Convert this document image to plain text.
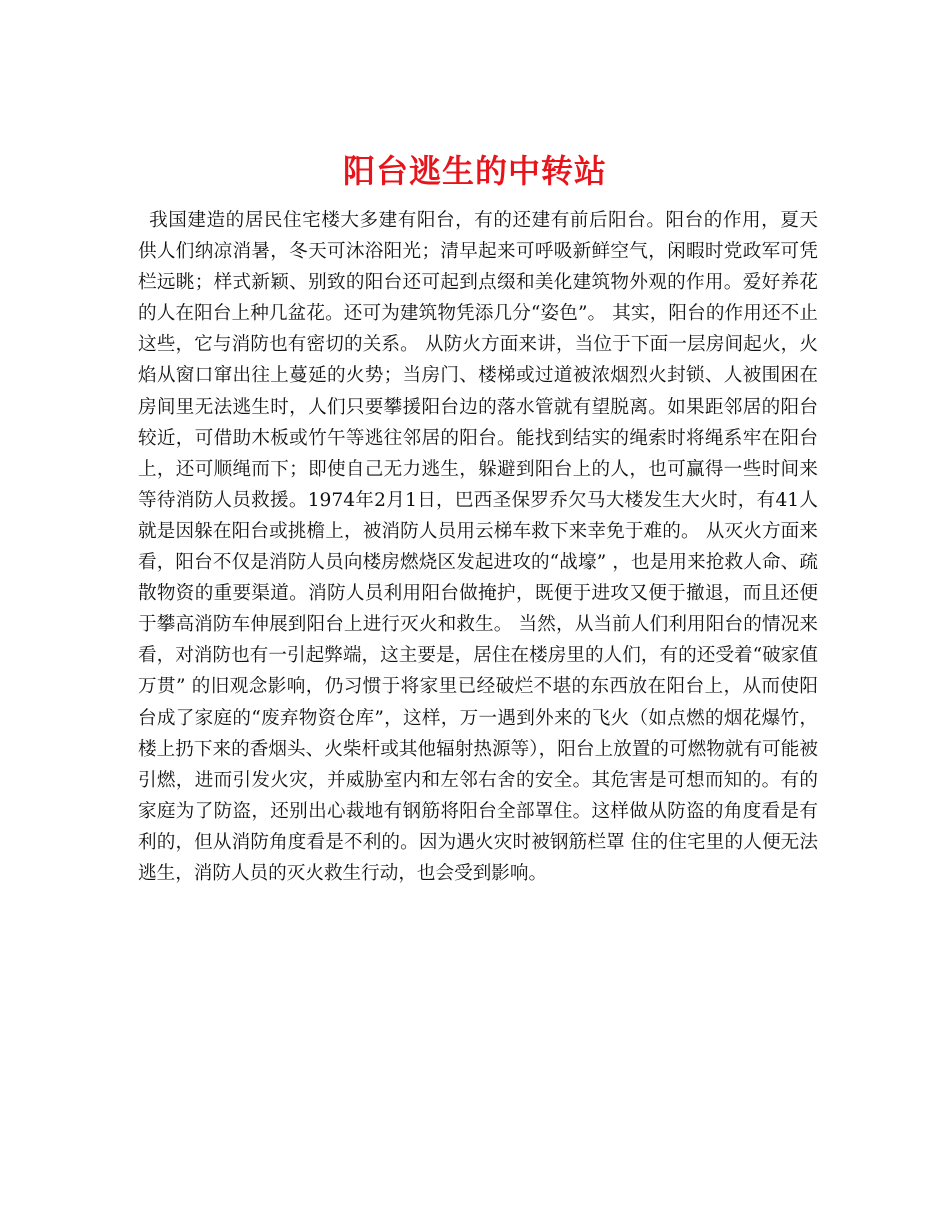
阳台逃生的中转站

我国建造的居民住宅楼大多建有阳台，有的还建有前后阳台。阳台的作用，夏天供人们纳凉消暑，冬天可沐浴阳光；清早起来可呼吸新鲜空气，闲暇时党政军可凭栏远眺；样式新颖、别致的阳台还可起到点缀和美化建筑物外观的作用。爱好养花的人在阳台上种几盆花。还可为建筑物凭添几分“姿色”。 其实，阳台的作用还不止这些，它与消防也有密切的关系。 从防火方面来讲，当位于下面一层房间起火，火焰从窗口窜出往上蔓延的火势；当房门、楼梯或过道被浓烟烈火封锁、人被围困在房间里无法逃生时，人们只要攀援阳台边的落水管就有望脱离。如果距邻居的阳台较近，可借助木板或竹午等逃往邻居的阳台。能找到结实的绳索时将绳系牢在阳台上，还可顺绳而下；即使自己无力逃生，躲避到阳台上的人，也可赢得一些时间来等待消防人员救援。1974年2月1日，巴西圣保罗乔欠马大楼发生大火时，有41人就是因躲在阳台或挑檐上，被消防人员用云梯车救下来幸免于难的。 从灭火方面来看，阳台不仅是消防人员向楼房燃烧区发起进攻的“战壕” ，也是用来抢救人命、疏散物资的重要渠道。消防人员利用阳台做掩护，既便于进攻又便于撤退，而且还便于攀高消防车伸展到阳台上进行灭火和救生。 当然，从当前人们利用阳台的情况来看，对消防也有一引起弊端，这主要是，居住在楼房里的人们，有的还受着“破家值万贯” 的旧观念影响，仍习惯于将家里已经破烂不堪的东西放在阳台上，从而使阳台成了家庭的“废弃物资仓库”，这样，万一遇到外来的飞火（如点燃的烟花爆竹，楼上扔下来的香烟头、火柴杆或其他辐射热源等），阳台上放置的可燃物就有可能被引燃，进而引发火灾，并威胁室内和左邻右舍的安全。其危害是可想而知的。有的家庭为了防盗，还别出心裁地有钢筋将阳台全部罩住。这样做从防盗的角度看是有利的，但从消防角度看是不利的。因为遇火灾时被钢筋栏罩 住的住宅里的人便无法逃生，消防人员的灭火救生行动，也会受到影响。
